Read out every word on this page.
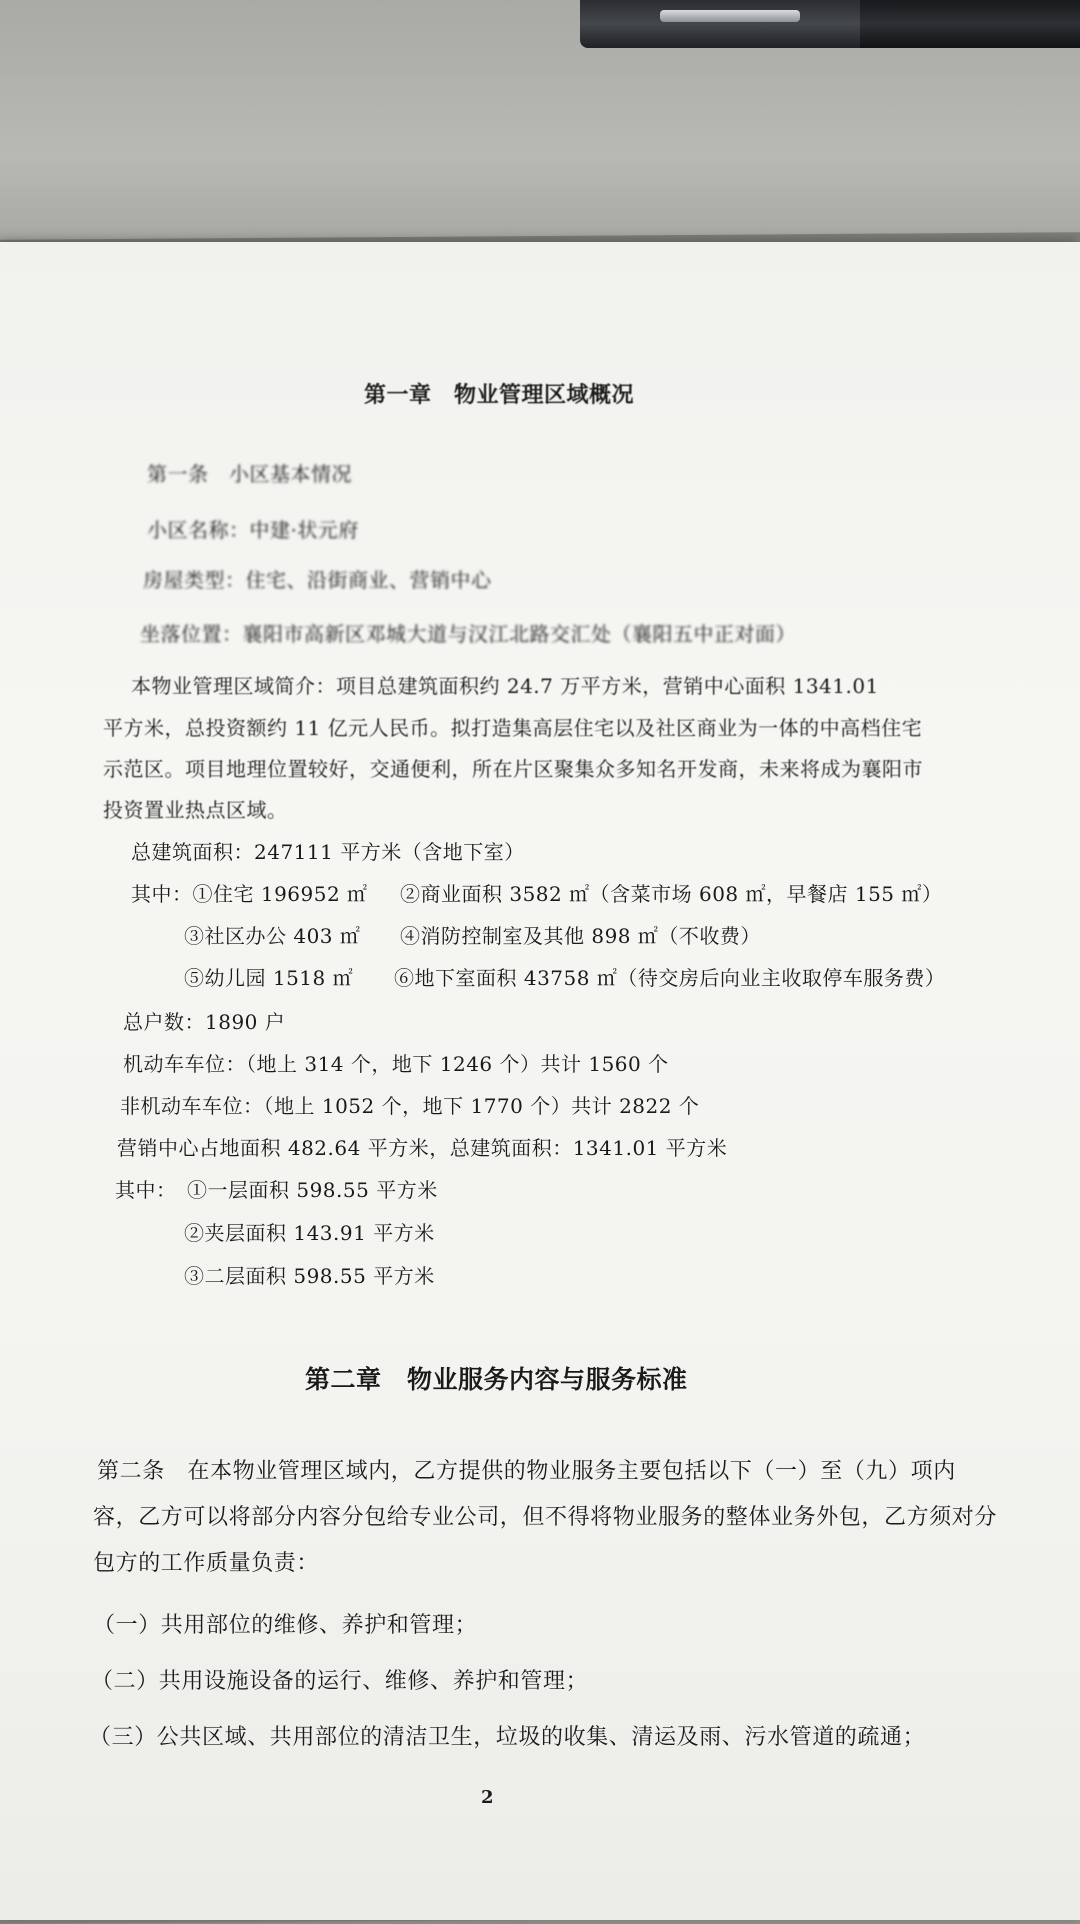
第一章　物业管理区域概况
第一条　小区基本情况
小区名称：中建·状元府
房屋类型：住宅、沿街商业、营销中心
坐落位置：襄阳市高新区邓城大道与汉江北路交汇处（襄阳五中正对面）
本物业管理区域简介：项目总建筑面积约 24.7 万平方米，营销中心面积 1341.01
平方米，总投资额约 11 亿元人民币。拟打造集高层住宅以及社区商业为一体的中高档住宅
示范区。项目地理位置较好，交通便利，所在片区聚集众多知名开发商，未来将成为襄阳市
投资置业热点区域。
总建筑面积：247111 平方米（含地下室）
其中：①住宅 196952 ㎡ ②商业面积 3582 ㎡（含菜市场 608 ㎡，早餐店 155 ㎡）
③社区办公 403 ㎡ ④消防控制室及其他 898 ㎡（不收费）
⑤幼儿园 1518 ㎡ ⑥地下室面积 43758 ㎡（待交房后向业主收取停车服务费）
总户数：1890 户
机动车车位：（地上 314 个，地下 1246 个）共计 1560 个
非机动车车位：（地上 1052 个，地下 1770 个）共计 2822 个
营销中心占地面积 482.64 平方米，总建筑面积：1341.01 平方米
其中：　①一层面积 598.55 平方米
②夹层面积 143.91 平方米
③二层面积 598.55 平方米
第二章　物业服务内容与服务标准
第二条　在本物业管理区域内，乙方提供的物业服务主要包括以下（一）至（九）项内
容，乙方可以将部分内容分包给专业公司，但不得将物业服务的整体业务外包，乙方须对分
包方的工作质量负责：
（一）共用部位的维修、养护和管理；
（二）共用设施设备的运行、维修、养护和管理；
（三）公共区域、共用部位的清洁卫生，垃圾的收集、清运及雨、污水管道的疏通；
2
